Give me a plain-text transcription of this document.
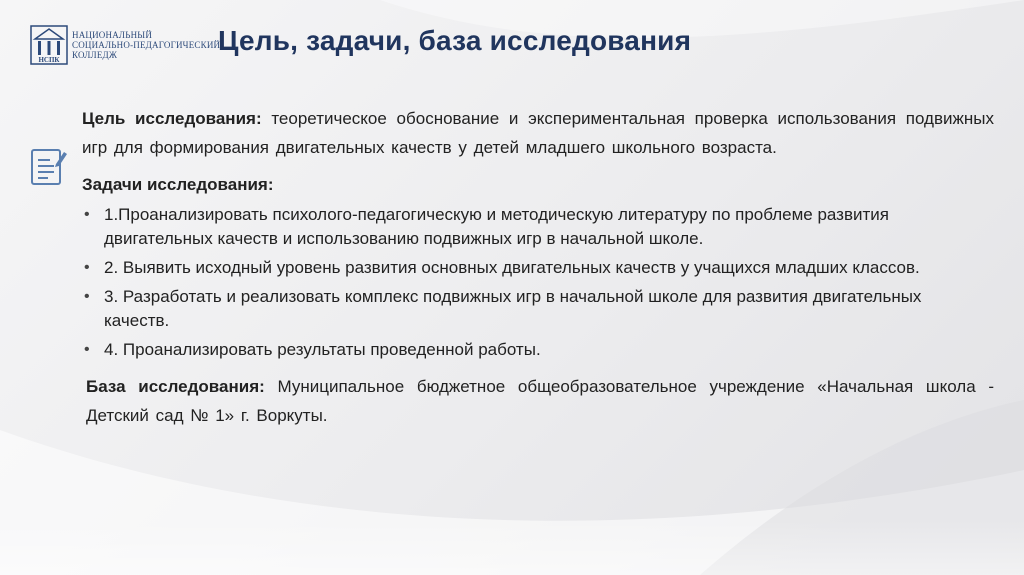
НСПК
НАЦИОНАЛЬНЫЙ
СОЦИАЛЬНО-ПЕДАГОГИЧЕСКИЙ
КОЛЛЕДЖ	Цель, задачи, база исследования

Цель исследования: теоретическое обоснование и экспериментальная проверка использования подвижных игр для формирования двигательных качеств у детей младшего школьного возраста.

Задачи исследования:

• 1.Проанализировать психолого-педагогическую и методическую литературу по проблеме развития двигательных качеств и использованию подвижных игр в начальной школе.
• 2. Выявить исходный уровень развития основных двигательных качеств у учащихся младших классов.
• 3. Разработать и реализовать комплекс подвижных игр в начальной школе для развития двигательных качеств.
• 4. Проанализировать результаты проведенной работы.

База исследования: Муниципальное бюджетное общеобразовательное учреждение «Начальная школа - Детский сад № 1» г. Воркуты.
